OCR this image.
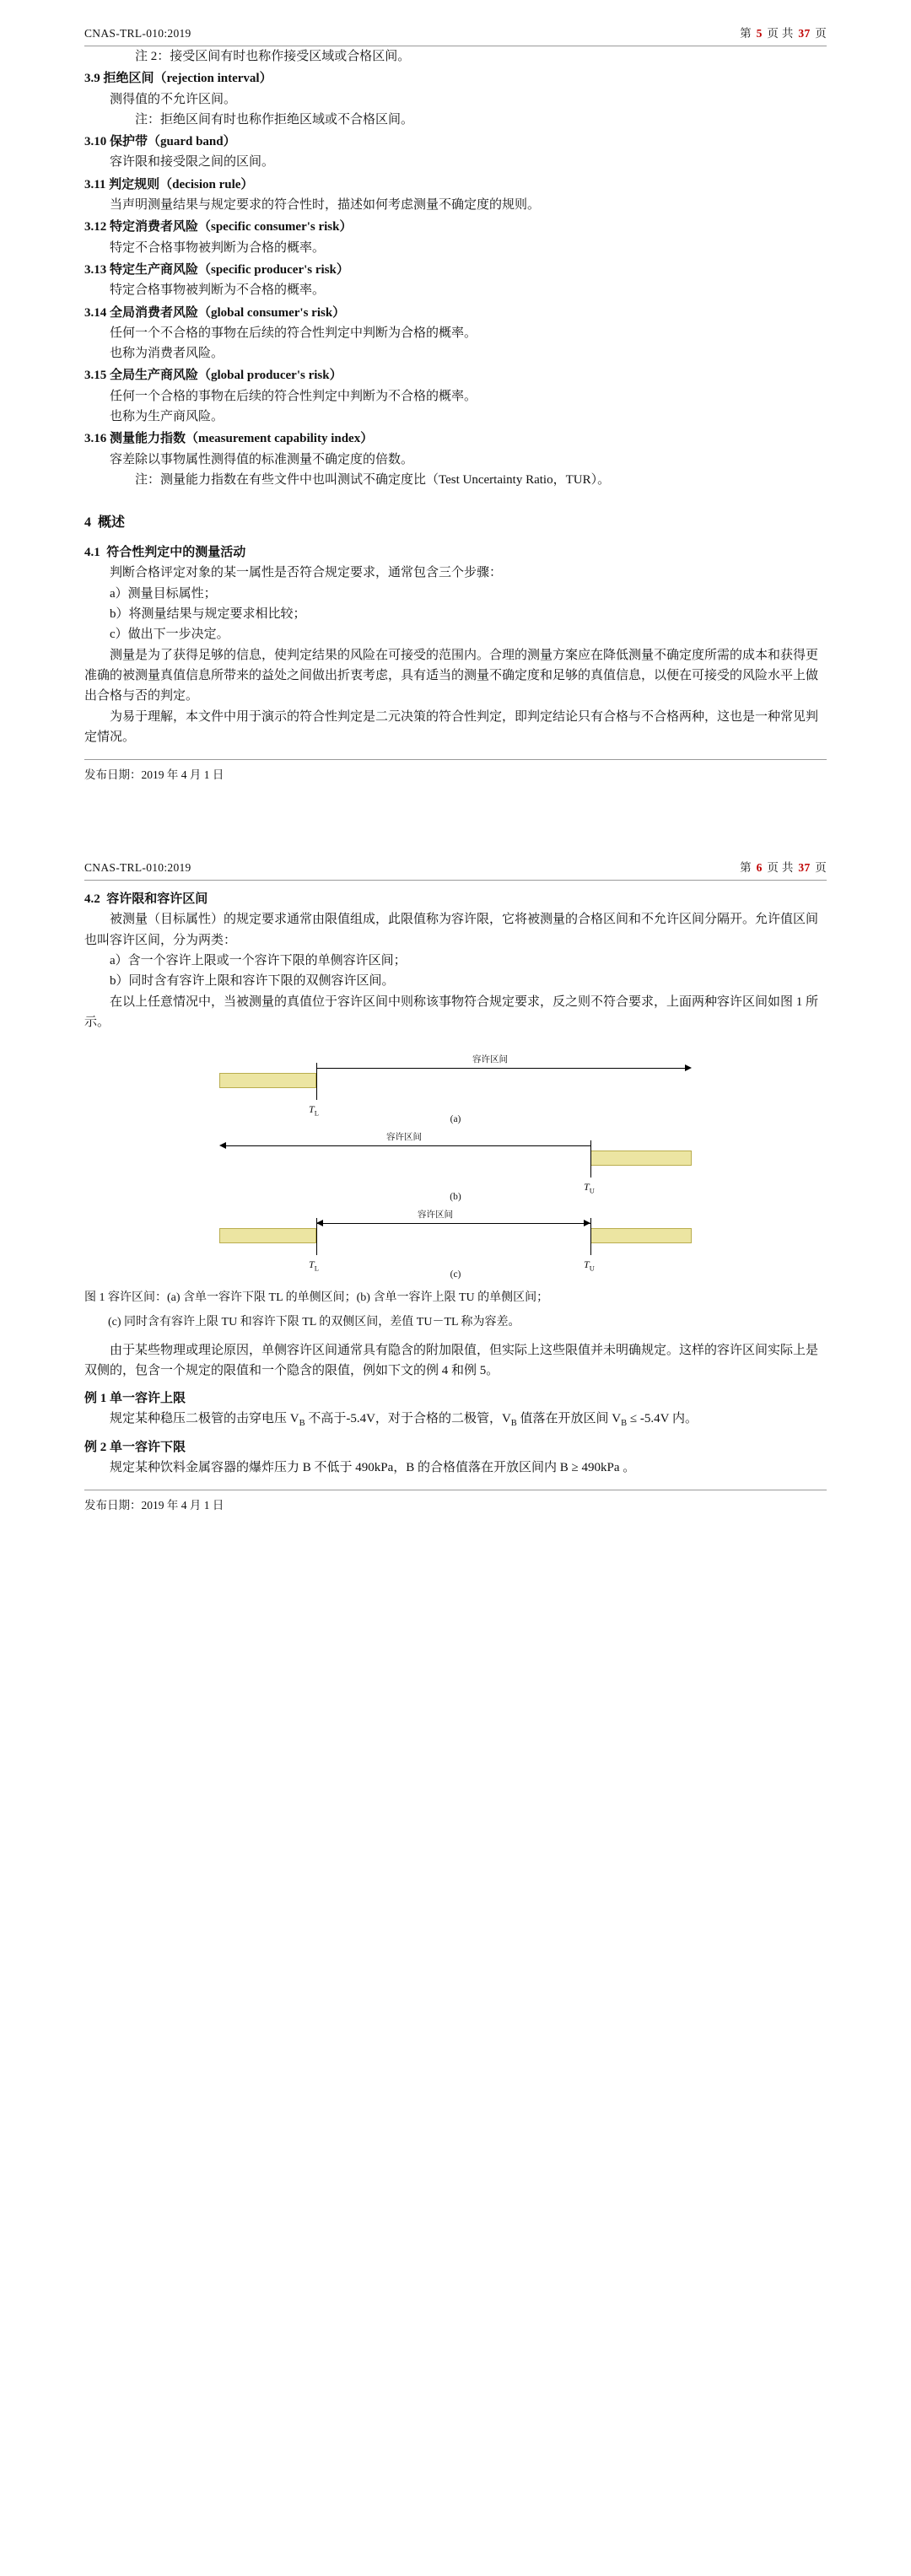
CNAS-TRL-010:2019	第 5 页 共 37 页

注 2：接受区间有时也称作接受区域或合格区间。

3.9 拒绝区间（rejection interval）

测得值的不允许区间。

注：拒绝区间有时也称作拒绝区域或不合格区间。

3.10 保护带（guard band）

容许限和接受限之间的区间。

3.11 判定规则（decision rule）

当声明测量结果与规定要求的符合性时，描述如何考虑测量不确定度的规则。

3.12 特定消费者风险（specific consumer's risk）

特定不合格事物被判断为合格的概率。

3.13 特定生产商风险（specific producer's risk）

特定合格事物被判断为不合格的概率。

3.14 全局消费者风险（global consumer's risk）

任何一个不合格的事物在后续的符合性判定中判断为合格的概率。

也称为消费者风险。

3.15 全局生产商风险（global producer's risk）

任何一个合格的事物在后续的符合性判定中判断为不合格的概率。

也称为生产商风险。

3.16 测量能力指数（measurement capability index）

容差除以事物属性测得值的标准测量不确定度的倍数。

注：测量能力指数在有些文件中也叫测试不确定度比（Test Uncertainty Ratio，TUR）。

4 概述

4.1 符合性判定中的测量活动

判断合格评定对象的某一属性是否符合规定要求，通常包含三个步骤：

a）测量目标属性；

b）将测量结果与规定要求相比较；

c）做出下一步决定。

测量是为了获得足够的信息，使判定结果的风险在可接受的范围内。合理的测量方案应在降低测量不确定度所需的成本和获得更准确的被测量真值信息所带来的益处之间做出折衷考虑，具有适当的测量不确定度和足够的真值信息，以便在可接受的风险水平上做出合格与否的判定。

为易于理解，本文件中用于演示的符合性判定是二元决策的符合性判定，即判定结论只有合格与不合格两种，这也是一种常见判定情况。

发布日期：2019 年 4 月 1 日
CNAS-TRL-010:2019	第 6 页 共 37 页

4.2 容许限和容许区间

被测量（目标属性）的规定要求通常由限值组成，此限值称为容许限，它将被测量的合格区间和不允许区间分隔开。允许值区间也叫容许区间，分为两类：

a）含一个容许上限或一个容许下限的单侧容许区间；

b）同时含有容许上限和容许下限的双侧容许区间。

在以上任意情况中，当被测量的真值位于容许区间中则称该事物符合规定要求，反之则不符合要求，上面两种容许区间如图 1 所示。

容许区间
$T_L$
(a)
容许区间
$T_U$
(b)
容许区间
$T_L$	$T_U$
(c)

图 1 容许区间：(a) 含单一容许下限 TL 的单侧区间；(b) 含单一容许上限 TU 的单侧区间；

(c) 同时含有容许上限 TU 和容许下限 TL 的双侧区间，差值 TU－TL 称为容差。

由于某些物理或理论原因，单侧容许区间通常具有隐含的附加限值，但实际上这些限值并未明确规定。这样的容许区间实际上是双侧的，包含一个规定的限值和一个隐含的限值，例如下文的例 4 和例 5。

例 1 单一容许上限

规定某种稳压二极管的击穿电压 $V_B$ 不高于-5.4V，对于合格的二极管，$V_B$ 值落在开放区间 $V_B \le -5.4V$ 内。

例 2 单一容许下限

规定某种饮料金属容器的爆炸压力 B 不低于 490kPa，B 的合格值落在开放区间内 B ≥ 490kPa 。

发布日期：2019 年 4 月 1 日
